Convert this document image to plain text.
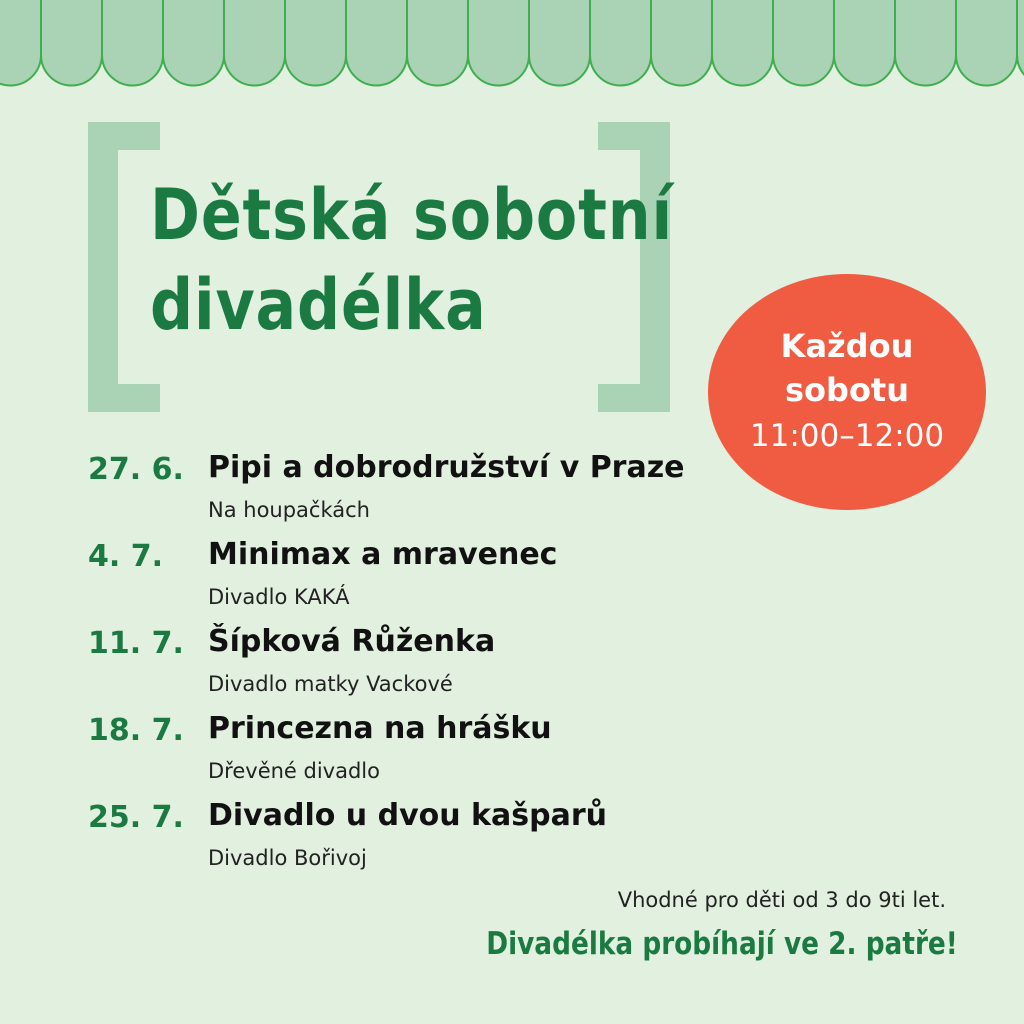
Dětská sobotní
divadélka	Každou
sobotu
11:00–12:00
27. 6. Pipi a dobrodružství v Praze
Na houpačkách
4. 7. Minimax a mravenec
Divadlo KAKÁ
11. 7. Šípková Růženka
Divadlo matky Vackové
18. 7. Princezna na hrášku
Dřevěné divadlo
25. 7. Divadlo u dvou kašparů
Divadlo Bořivoj
Vhodné pro děti od 3 do 9ti let.
Divadélka probíhají ve 2. patře!
